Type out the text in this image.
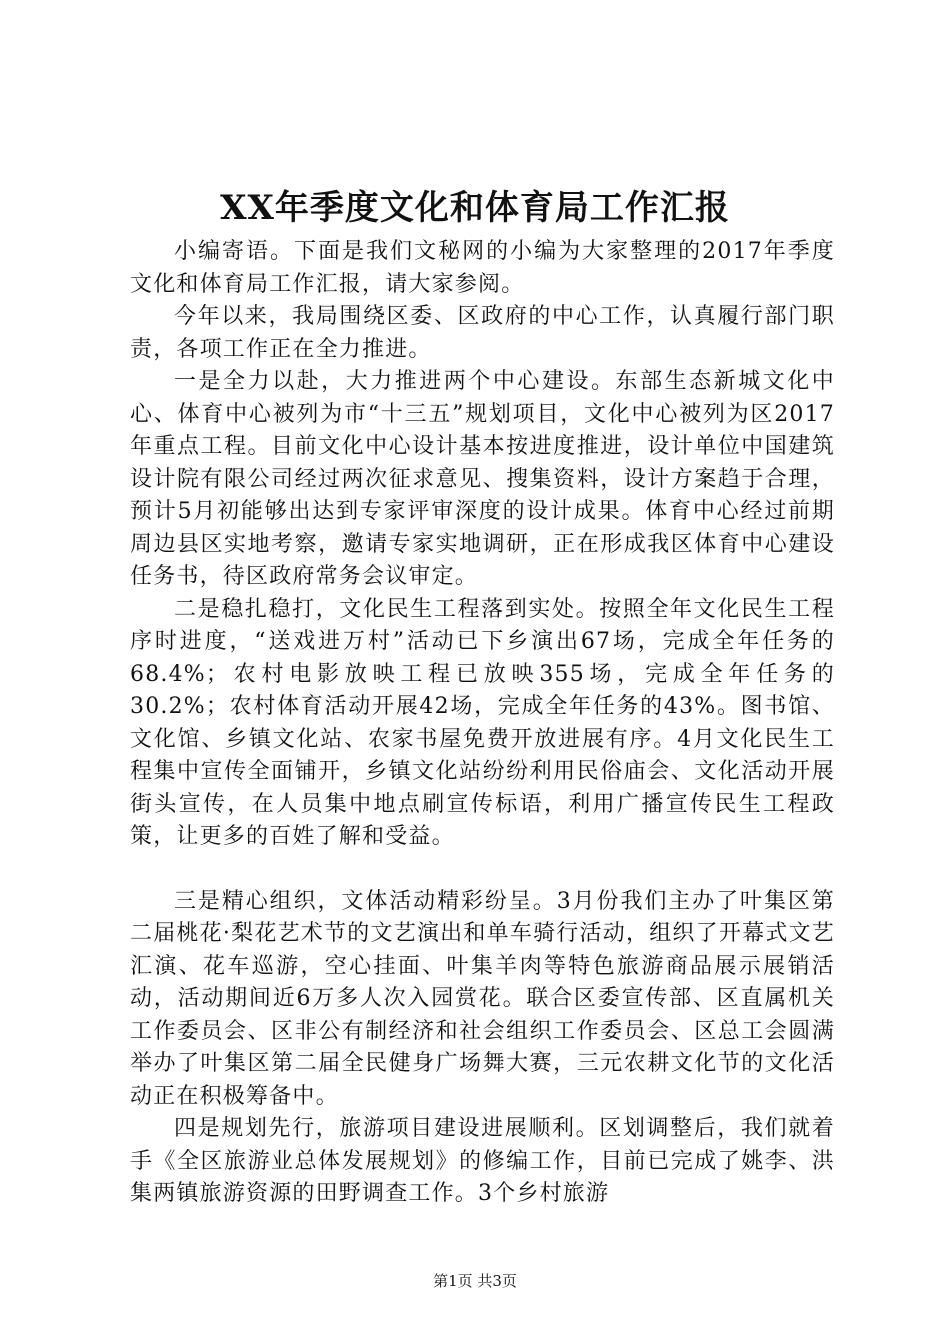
XX年季度文化和体育局工作汇报

小编寄语。下面是我们文秘网的小编为大家整理的2017年季度文化和体育局工作汇报，请大家参阅。

今年以来，我局围绕区委、区政府的中心工作，认真履行部门职责，各项工作正在全力推进。

一是全力以赴，大力推进两个中心建设。东部生态新城文化中心、体育中心被列为市“十三五”规划项目，文化中心被列为区2017年重点工程。目前文化中心设计基本按进度推进，设计单位中国建筑设计院有限公司经过两次征求意见、搜集资料，设计方案趋于合理，预计5月初能够出达到专家评审深度的设计成果。体育中心经过前期周边县区实地考察，邀请专家实地调研，正在形成我区体育中心建设任务书，待区政府常务会议审定。

二是稳扎稳打，文化民生工程落到实处。按照全年文化民生工程序时进度，“送戏进万村”活动已下乡演出67场，完成全年任务的68.4%；农村电影放映工程已放映355场，完成全年任务的30.2%；农村体育活动开展42场，完成全年任务的43%。图书馆、文化馆、乡镇文化站、农家书屋免费开放进展有序。4月文化民生工程集中宣传全面铺开，乡镇文化站纷纷利用民俗庙会、文化活动开展街头宣传，在人员集中地点刷宣传标语，利用广播宣传民生工程政策，让更多的百姓了解和受益。

三是精心组织，文体活动精彩纷呈。3月份我们主办了叶集区第二届桃花·梨花艺术节的文艺演出和单车骑行活动，组织了开幕式文艺汇演、花车巡游，空心挂面、叶集羊肉等特色旅游商品展示展销活动，活动期间近6万多人次入园赏花。联合区委宣传部、区直属机关工作委员会、区非公有制经济和社会组织工作委员会、区总工会圆满举办了叶集区第二届全民健身广场舞大赛，三元农耕文化节的文化活动正在积极筹备中。

四是规划先行，旅游项目建设进展顺利。区划调整后，我们就着手《全区旅游业总体发展规划》的修编工作，目前已完成了姚李、洪集两镇旅游资源的田野调查工作。3个乡村旅游

第1页 共3页
